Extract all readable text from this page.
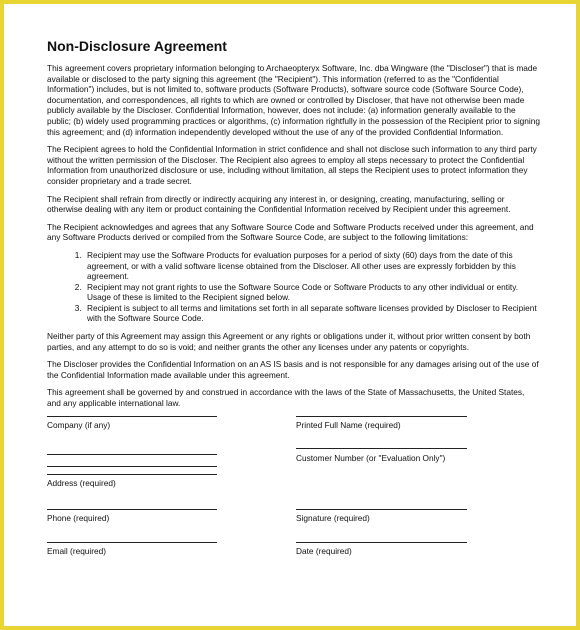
Non-Disclosure Agreement

This agreement covers proprietary information belonging to Archaeopteryx Software, Inc. dba Wingware (the "Discloser") that is made available or disclosed to the party signing this agreement (the "Recipient"). This information (referred to as the "Confidential Information") includes, but is not limited to, software products (Software Products), software source code (Software Source Code), documentation, and correspondences, all rights to which are owned or controlled by Discloser, that have not otherwise been made publicly available by the Discloser. Confidential Information, however, does not include: (a) information generally available to the public; (b) widely used programming practices or algorithms, (c) information rightfully in the possession of the Recipient prior to signing this agreement; and (d) information independently developed without the use of any of the provided Confidential Information.

The Recipient agrees to hold the Confidential Information in strict confidence and shall not disclose such information to any third party without the written permission of the Discloser. The Recipient also agrees to employ all steps necessary to protect the Confidential Information from unauthorized disclosure or use, including without limitation, all steps the Recipient uses to protect information they consider proprietary and a trade secret.

The Recipient shall refrain from directly or indirectly acquiring any interest in, or designing, creating, manufacturing, selling or otherwise dealing with any item or product containing the Confidential Information received by Recipient under this agreement.

The Recipient acknowledges and agrees that any Software Source Code and Software Products received under this agreement, and any Software Products derived or compiled from the Software Source Code, are subject to the following limitations:

1. Recipient may use the Software Products for evaluation purposes for a period of sixty (60) days from the date of this agreement, or with a valid software license obtained from the Discloser. All other uses are expressly forbidden by this agreement.
2. Recipient may not grant rights to use the Software Source Code or Software Products to any other individual or entity. Usage of these is limited to the Recipient signed below.
3. Recipient is subject to all terms and limitations set forth in all separate software licenses provided by Discloser to Recipient with the Software Source Code.

Neither party of this Agreement may assign this Agreement or any rights or obligations under it, without prior written consent by both parties, and any attempt to do so is void; and neither grants the other any licenses under any patents or copyrights.

The Discloser provides the Confidential Information on an AS IS basis and is not responsible for any damages arising out of the use of the Confidential Information made available under this agreement.

This agreement shall be governed by and construed in accordance with the laws of the State of Massachusetts, the United States, and any applicable international law.

Company (if any)
Address (required)
Phone (required)
Email (required)
Printed Full Name (required)
Customer Number (or "Evaluation Only")
Signature (required)
Date (required)
